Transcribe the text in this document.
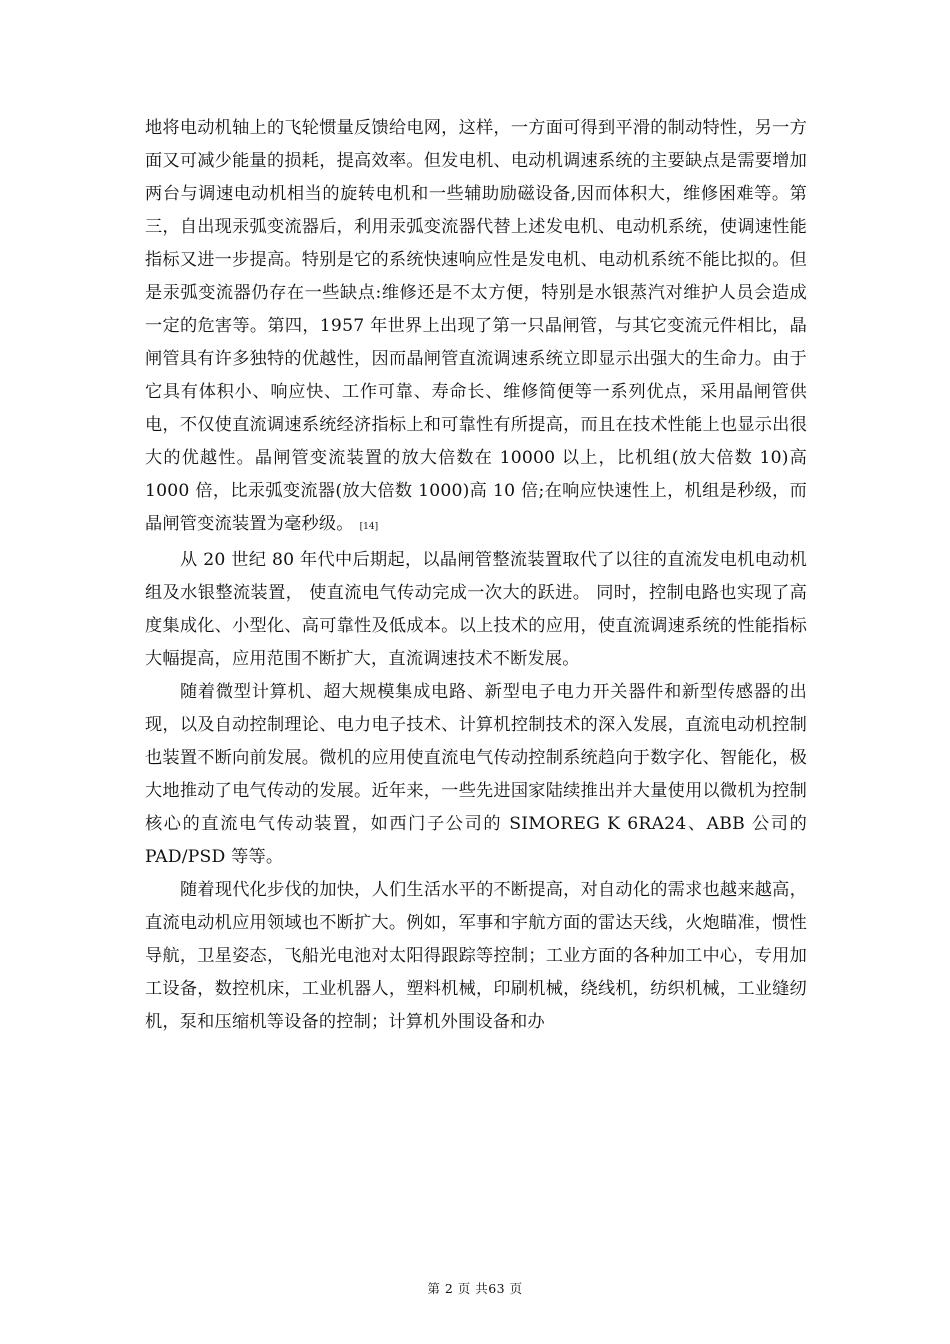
地将电动机轴上的飞轮惯量反馈给电网，这样，一方面可得到平滑的制动特性，另一方面又可减少能量的损耗，提高效率。但发电机、电动机调速系统的主要缺点是需要增加两台与调速电动机相当的旋转电机和一些辅助励磁设备,因而体积大，维修困难等。第三，自出现汞弧变流器后，利用汞弧变流器代替上述发电机、电动机系统，使调速性能指标又进一步提高。特别是它的系统快速响应性是发电机、电动机系统不能比拟的。但是汞弧变流器仍存在一些缺点:维修还是不太方便，特别是水银蒸汽对维护人员会造成一定的危害等。第四，1957 年世界上出现了第一只晶闸管，与其它变流元件相比，晶闸管具有许多独特的优越性，因而晶闸管直流调速系统立即显示出强大的生命力。由于它具有体积小、响应快、工作可靠、寿命长、维修简便等一系列优点，采用晶闸管供电，不仅使直流调速系统经济指标上和可靠性有所提高，而且在技术性能上也显示出很大的优越性。晶闸管变流装置的放大倍数在 10000 以上，比机组(放大倍数 10)高 1000 倍，比汞弧变流器(放大倍数 1000)高 10 倍;在响应快速性上，机组是秒级，而晶闸管变流装置为毫秒级。 [14]

从 20 世纪 80 年代中后期起，以晶闸管整流装置取代了以往的直流发电机电动机组及水银整流装置， 使直流电气传动完成一次大的跃进。 同时，控制电路也实现了高度集成化、小型化、高可靠性及低成本。以上技术的应用，使直流调速系统的性能指标大幅提高，应用范围不断扩大，直流调速技术不断发展。

随着微型计算机、超大规模集成电路、新型电子电力开关器件和新型传感器的出现，以及自动控制理论、电力电子技术、计算机控制技术的深入发展，直流电动机控制也装置不断向前发展。微机的应用使直流电气传动控制系统趋向于数字化、智能化，极大地推动了电气传动的发展。近年来，一些先进国家陆续推出并大量使用以微机为控制核心的直流电气传动装置，如西门子公司的 SIMOREG K 6RA24、ABB 公司的 PAD/PSD 等等。

随着现代化步伐的加快，人们生活水平的不断提高，对自动化的需求也越来越高，直流电动机应用领域也不断扩大。例如，军事和宇航方面的雷达天线，火炮瞄准，惯性导航，卫星姿态，飞船光电池对太阳得跟踪等控制；工业方面的各种加工中心，专用加工设备，数控机床，工业机器人，塑料机械，印刷机械，绕线机，纺织机械，工业缝纫机，泵和压缩机等设备的控制；计算机外围设备和办

第 2 页 共63 页
